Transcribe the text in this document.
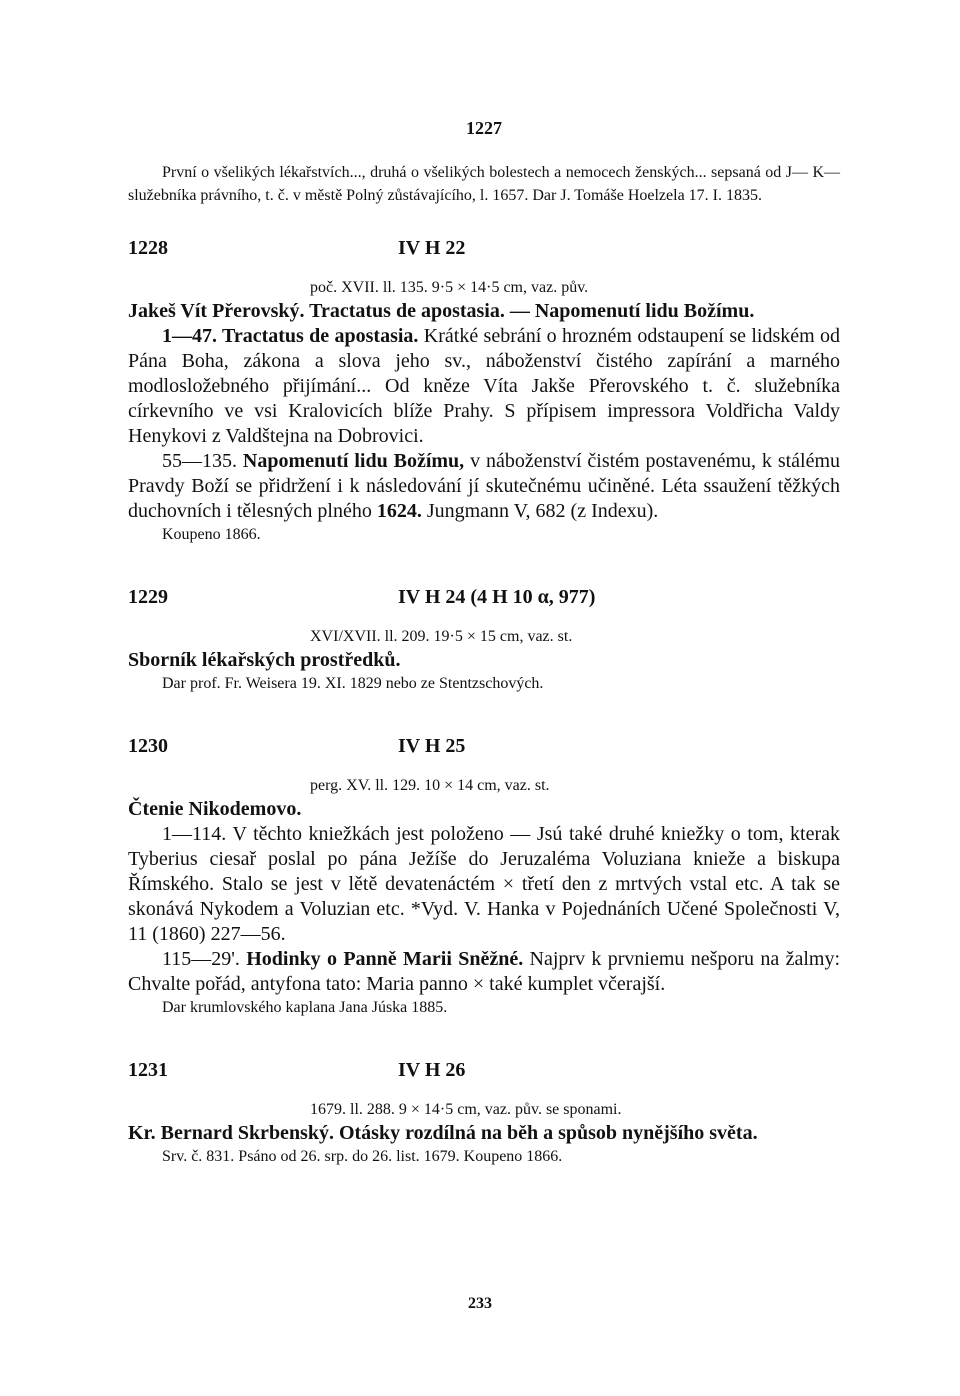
1227

První o všelikých lékařstvích..., druhá o všelikých bolestech a nemocech ženských... sepsaná od J— K— služebníka právního, t. č. v městě Polný zůstávajícího, l. 1657. Dar J. Tomáše Hoelzela 17. I. 1835.

1228	IV H 22

poč. XVII. ll. 135. 9·5 × 14·5 cm, vaz. pův.

Jakeš Vít Přerovský. Tractatus de apostasia. — Napomenutí lidu Božímu.

1—47. Tractatus de apostasia. Krátké sebrání o hrozném odstaupení se lidském od Pána Boha, zákona a slova jeho sv., náboženství čistého zapírání a marného modlosložebného přijímání... Od kněze Víta Jakše Přerovského t. č. služebníka církevního ve vsi Kralovicích blíže Prahy. S přípisem impressora Voldřicha Valdy Henykovi z Valdštejna na Dobrovici.

55—135. Napomenutí lidu Božímu, v náboženství čistém postavenému, k stálému Pravdy Boží se přidržení i k následování jí skutečnému učiněné. Léta ssaužení těžkých duchovních i tělesných plného 1624. Jungmann V, 682 (z Indexu).

Koupeno 1866.

1229	IV H 24 (4 H 10 α, 977)

XVI/XVII. ll. 209. 19·5 × 15 cm, vaz. st.

Sborník lékařských prostředků.

Dar prof. Fr. Weisera 19. XI. 1829 nebo ze Stentzschových.

1230	IV H 25

perg. XV. ll. 129. 10 × 14 cm, vaz. st.

Čtenie Nikodemovo.

1—114. V těchto kniežkách jest položeno — Jsú také druhé kniežky o tom, kterak Tyberius ciesař poslal po pána Ježíše do Jeruzaléma Voluziana knieže a biskupa Římského. Stalo se jest v lětě devatenáctém × třetí den z mrtvých vstal etc. A tak se skonává Nykodem a Voluzian etc. *Vyd. V. Hanka v Pojednáních Učené Společnosti V, 11 (1860) 227—56.

115—29'. Hodinky o Panně Marii Sněžné. Najprv k prvniemu nešporu na žalmy: Chvalte pořád, antyfona tato: Maria panno × také kumplet včerajší.

Dar krumlovského kaplana Jana Júska 1885.

1231	IV H 26

1679. ll. 288. 9 × 14·5 cm, vaz. pův. se sponami.

Kr. Bernard Skrbenský. Otásky rozdílná na běh a spůsob nynějšího světa.

Srv. č. 831. Psáno od 26. srp. do 26. list. 1679. Koupeno 1866.

233
